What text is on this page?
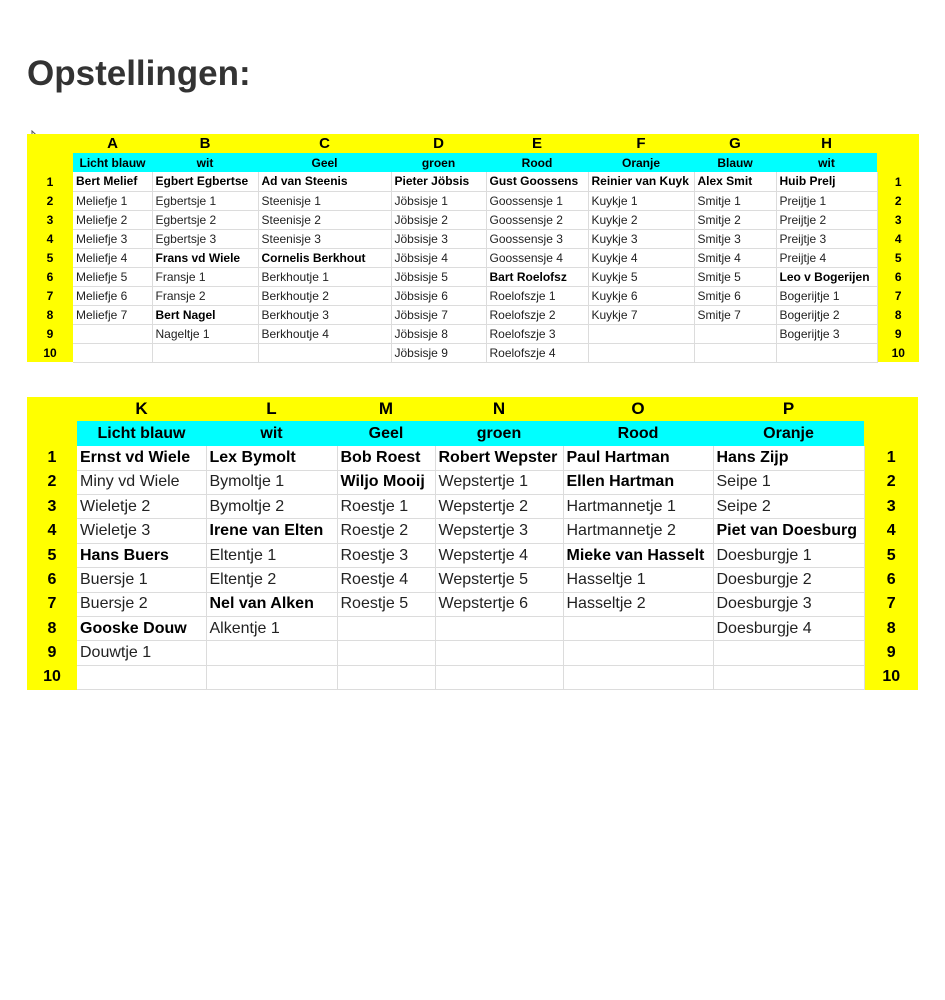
Opstellingen:
	A	B	C	D	E	F	G	H	
	Licht blauw	wit	Geel	groen	Rood	Oranje	Blauw	wit	
1	Bert Melief	Egbert Egbertse	Ad van Steenis	Pieter Jöbsis	Gust Goossens	Reinier van Kuyk	Alex Smit	Huib Prelj	1
2	Meliefje 1	Egbertsje 1	Steenisje 1	Jöbsisje 1	Goossensje 1	Kuykje 1	Smitje 1	Preijtje 1	2
3	Meliefje 2	Egbertsje 2	Steenisje 2	Jöbsisje 2	Goossensje 2	Kuykje 2	Smitje 2	Preijtje 2	3
4	Meliefje 3	Egbertsje 3	Steenisje 3	Jöbsisje 3	Goossensje 3	Kuykje 3	Smitje 3	Preijtje 3	4
5	Meliefje 4	Frans vd Wiele	Cornelis Berkhout	Jöbsisje 4	Goossensje 4	Kuykje 4	Smitje 4	Preijtje 4	5
6	Meliefje 5	Fransje 1	Berkhoutje 1	Jöbsisje 5	Bart Roelofsz	Kuykje 5	Smitje 5	Leo v Bogerijen	6
7	Meliefje 6	Fransje 2	Berkhoutje 2	Jöbsisje 6	Roelofszje 1	Kuykje 6	Smitje 6	Bogerijtje 1	7
8	Meliefje 7	Bert Nagel	Berkhoutje 3	Jöbsisje 7	Roelofszje 2	Kuykje 7	Smitje 7	Bogerijtje 2	8
9		Nageltje 1	Berkhoutje 4	Jöbsisje 8	Roelofszje 3			Bogerijtje 3	9
10				Jöbsisje 9	Roelofszje 4				10
	K	L	M	N	O	P	
	Licht blauw	wit	Geel	groen	Rood	Oranje	
1	Ernst vd Wiele	Lex Bymolt	Bob Roest	Robert Wepster	Paul Hartman	Hans Zijp	1
2	Miny vd Wiele	Bymoltje 1	Wiljo Mooij	Wepstertje 1	Ellen Hartman	Seipe 1	2
3	Wieletje 2	Bymoltje 2	Roestje 1	Wepstertje 2	Hartmannetje 1	Seipe 2	3
4	Wieletje 3	Irene van Elten	Roestje 2	Wepstertje 3	Hartmannetje 2	Piet van Doesburg	4
5	Hans Buers	Eltentje 1	Roestje 3	Wepstertje 4	Mieke van Hasselt	Doesburgje 1	5
6	Buersje 1	Eltentje 2	Roestje 4	Wepstertje 5	Hasseltje 1	Doesburgje 2	6
7	Buersje 2	Nel van Alken	Roestje 5	Wepstertje 6	Hasseltje 2	Doesburgje 3	7
8	Gooske Douw	Alkentje 1				Doesburgje 4	8
9	Douwtje 1						9
10							10
